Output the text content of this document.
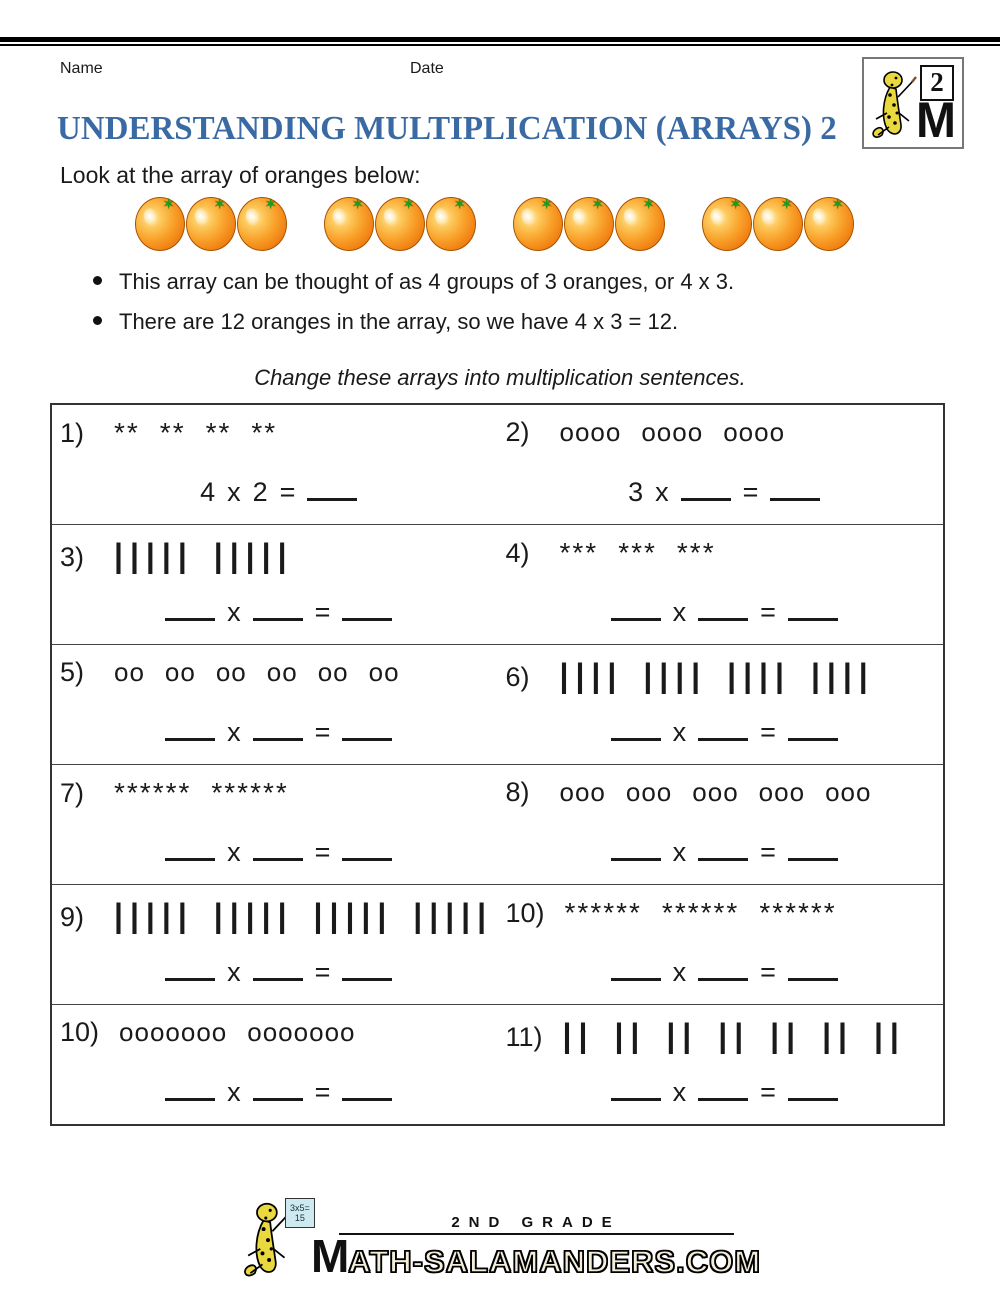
Name	Date	2
M
UNDERSTANDING MULTIPLICATION (ARRAYS) 2
Look at the array of oranges below:
✶
✶
✶
✶
✶
✶
✶
✶
✶
✶
✶
✶
This array can be thought of as 4 groups of 3 oranges, or 4 x 3.
There are 12 oranges in the array, so we have 4 x 3 = 12.
Change these arrays into multiplication sentences.
1)	** ** ** **
4 x 2 =
2)	oooo oooo oooo
3 x	=
3) ||||| |||||
x	=
4)	*** *** ***
x	=
5)	oo oo oo oo oo oo
x	=
6) |||| |||| |||| ||||
x	=
7)	****** ******
x	=
8)	ooo ooo ooo ooo ooo
x	=
9) ||||| ||||| ||||| |||||
x	=
10) ****** ****** ******
x	=
10) ooooooo ooooooo
x	=
11) || || || || || || ||
x	=
3x5=
15	2ND GRADE
MATH-SALAMANDERS.COM
